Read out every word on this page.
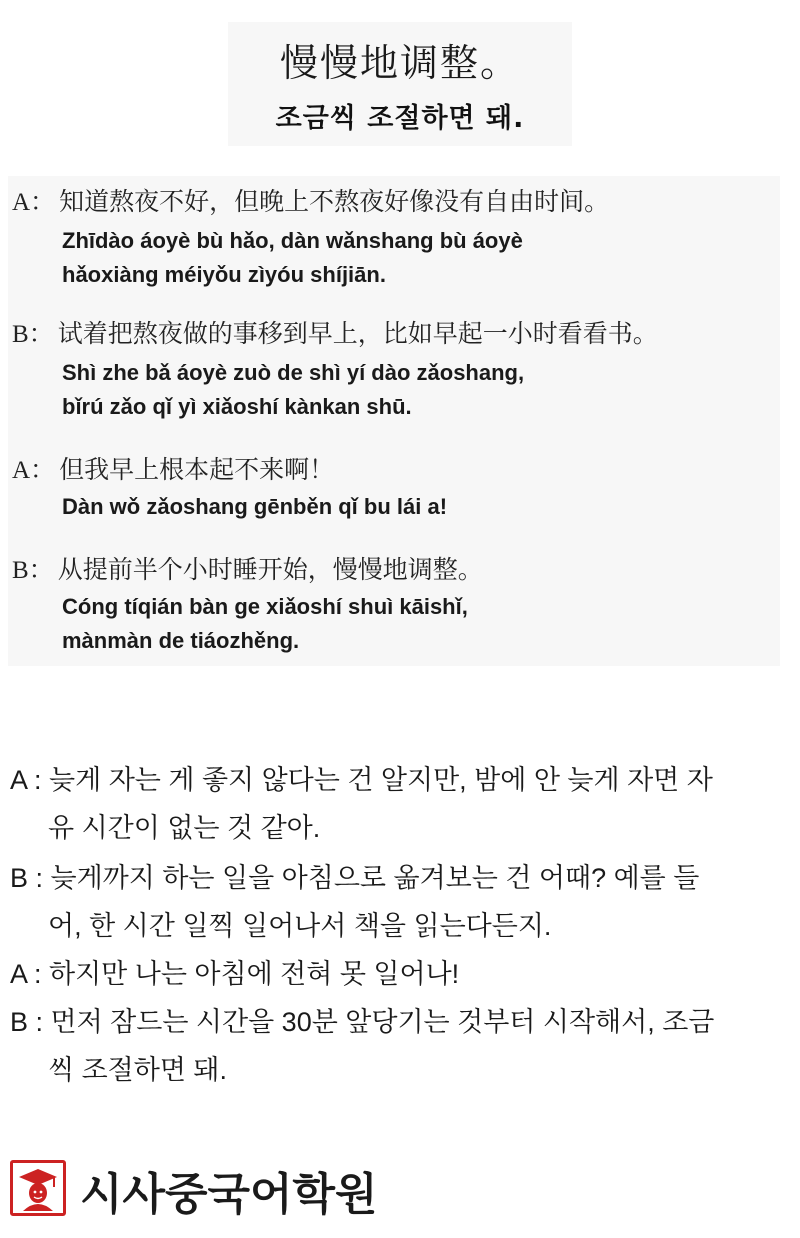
慢慢地调整。
조금씩 조절하면 돼.
A： 知道熬夜不好，但晚上不熬夜好像没有自由时间。
Zhīdào áoyè bù hǎo, dàn wǎnshang bù áoyè
hǎoxiàng méiyǒu zìyóu shíjiān.
B： 试着把熬夜做的事移到早上，比如早起一小时看看书。
Shì zhe bǎ áoyè zuò de shì yí dào zǎoshang,
bǐrú zǎo qǐ yì xiǎoshí kànkan shū.
A： 但我早上根本起不来啊！
Dàn wǒ zǎoshang gēnběn qǐ bu lái a!
B： 从提前半个小时睡开始，慢慢地调整。
Cóng tíqián bàn ge xiǎoshí shuì kāishǐ,
mànmàn de tiáozhěng.
A : 늦게 자는 게 좋지 않다는 건 알지만, 밤에 안 늦게 자면 자
유 시간이 없는 것 같아.
B : 늦게까지 하는 일을 아침으로 옮겨보는 건 어때? 예를 들
어, 한 시간 일찍 일어나서 책을 읽는다든지.
A : 하지만 나는 아침에 전혀 못 일어나!
B : 먼저 잠드는 시간을 30분 앞당기는 것부터 시작해서, 조금
씩 조절하면 돼.
시사중국어학원
